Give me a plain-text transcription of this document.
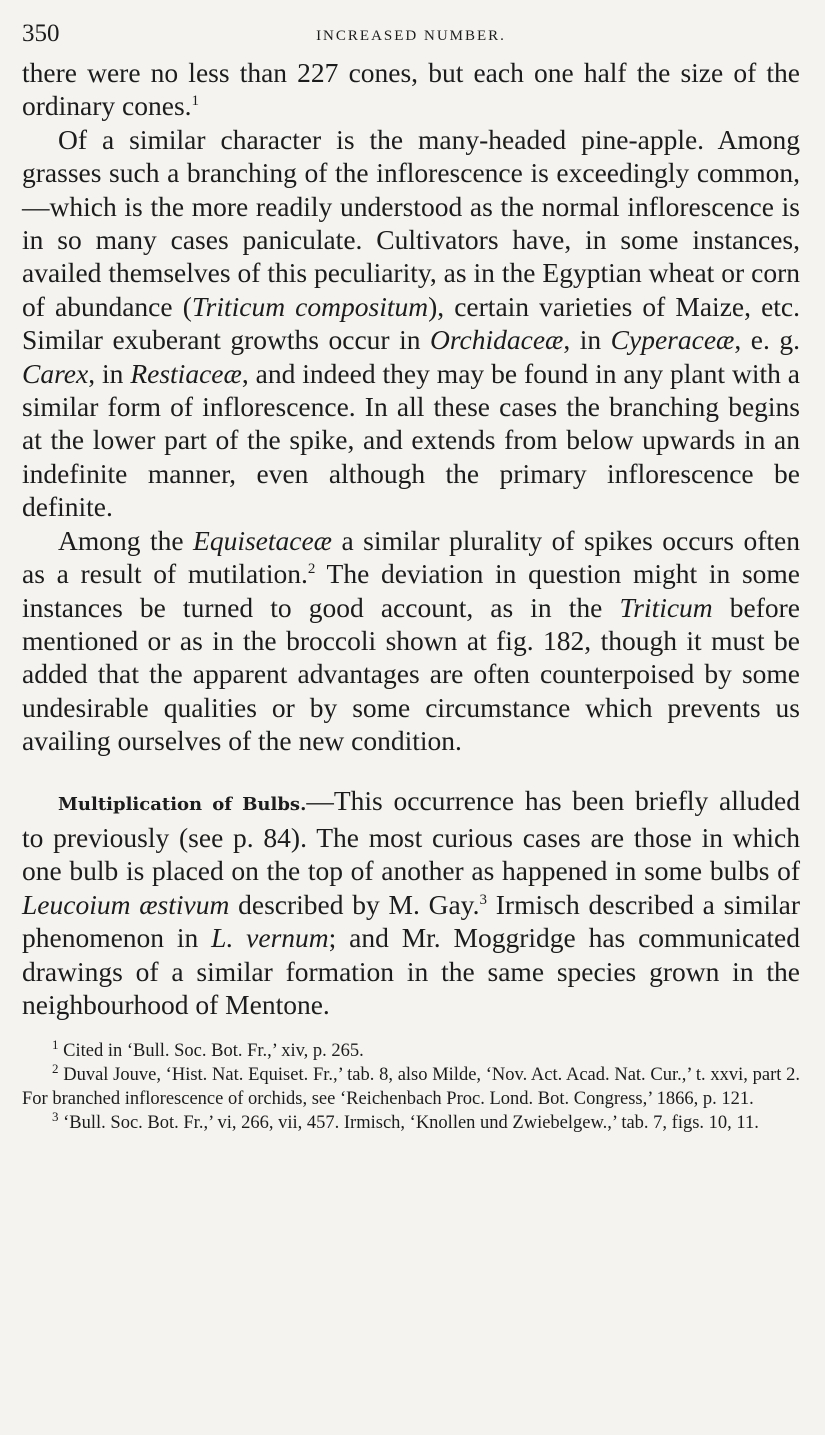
350	INCREASED NUMBER.

there were no less than 227 cones, but each one half the size of the ordinary cones.$^1$

Of a similar character is the many-headed pine-apple. Among grasses such a branching of the inflorescence is exceedingly common,—which is the more readily understood as the normal inflorescence is in so many cases paniculate. Cultivators have, in some instances, availed themselves of this peculiarity, as in the Egyptian wheat or corn of abundance (Triticum compositum), certain varieties of Maize, etc. Similar exuberant growths occur in Orchidaceæ, in Cyperaceæ, e. g. Carex, in Restiaceæ, and indeed they may be found in any plant with a similar form of inflorescence. In all these cases the branching begins at the lower part of the spike, and extends from below upwards in an indefinite manner, even although the primary inflorescence be definite.

Among the Equisetaceæ a similar plurality of spikes occurs often as a result of mutilation.$^2$ The deviation in question might in some instances be turned to good account, as in the Triticum before mentioned or as in the broccoli shown at fig. 182, though it must be added that the apparent advantages are often counterpoised by some undesirable qualities or by some circumstance which prevents us availing ourselves of the new condition.

Multiplication of Bulbs.—This occurrence has been briefly alluded to previously (see p. 84). The most curious cases are those in which one bulb is placed on the top of another as happened in some bulbs of Leucoium æstivum described by M. Gay.$^3$ Irmisch described a similar phenomenon in L. vernum; and Mr. Moggridge has communicated drawings of a similar formation in the same species grown in the neighbourhood of Mentone.

$^1$ Cited in ‘Bull. Soc. Bot. Fr.,’ xiv, p. 265.

$^2$ Duval Jouve, ‘Hist. Nat. Equiset. Fr.,’ tab. 8, also Milde, ‘Nov. Act. Acad. Nat. Cur.,’ t. xxvi, part 2. For branched inflorescence of orchids, see ‘Reichenbach Proc. Lond. Bot. Congress,’ 1866, p. 121.

$^3$ ‘Bull. Soc. Bot. Fr.,’ vi, 266, vii, 457. Irmisch, ‘Knollen und Zwiebelgew.,’ tab. 7, figs. 10, 11.
